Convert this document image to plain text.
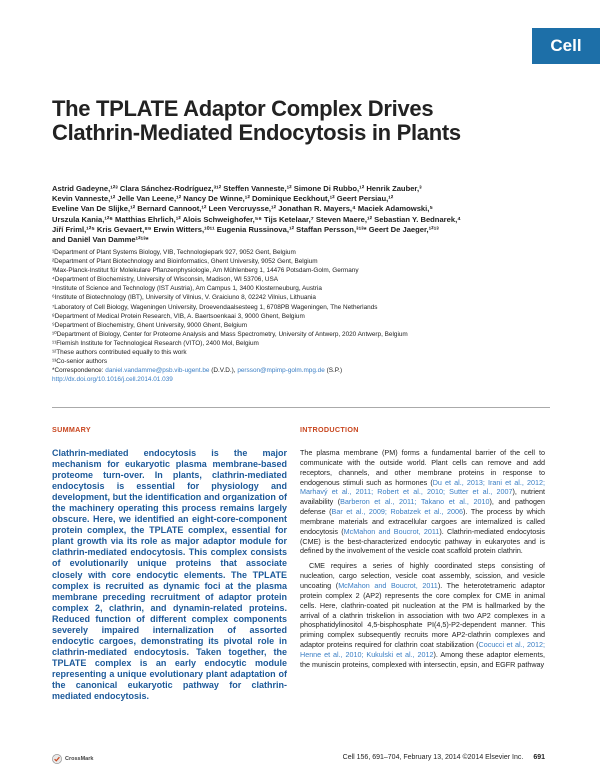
Cell
The TPLATE Adaptor Complex Drives Clathrin-Mediated Endocytosis in Plants
Astrid Gadeyne,¹²³ Clara Sánchez-Rodríguez,³¹² Steffen Vanneste,¹² Simone Di Rubbo,¹² Henrik Zauber,³
Kevin Vanneste,¹² Jelle Van Leene,¹² Nancy De Winne,¹² Dominique Eeckhout,¹² Geert Persiau,¹²
Eveline Van De Slijke,¹² Bernard Cannoot,¹² Leen Vercruysse,¹² Jonathan R. Mayers,⁴ Maciek Adamowski,⁵
Urszula Kania,¹²⁶ Matthias Ehrlich,¹² Alois Schweighofer,⁵⁶ Tijs Ketelaar,⁷ Steven Maere,¹² Sebastian Y. Bednarek,⁴
Jiří Friml,¹²⁵ Kris Gevaert,⁸⁹ Erwin Witters,¹⁰¹¹ Eugenia Russinova,¹² Staffan Persson,³¹³* Geert De Jaeger,¹²¹³
and Daniël Van Damme¹²¹³*
¹Department of Plant Systems Biology, VIB, Technologiepark 927, 9052 Gent, Belgium
²Department of Plant Biotechnology and Bioinformatics, Ghent University, 9052 Gent, Belgium
³Max-Planck-Institut für Molekulare Pflanzenphysiologie, Am Mühlenberg 1, 14476 Potsdam-Golm, Germany
⁴Department of Biochemistry, University of Wisconsin, Madison, WI 53706, USA
⁵Institute of Science and Technology (IST Austria), Am Campus 1, 3400 Klosterneuburg, Austria
⁶Institute of Biotechnology (IBT), University of Vilnius, V. Graiciuno 8, 02242 Vilnius, Lithuania
⁷Laboratory of Cell Biology, Wageningen University, Droevendaalsesteeg 1, 6708PB Wageningen, The Netherlands
⁸Department of Medical Protein Research, VIB, A. Baertsoenkaai 3, 9000 Ghent, Belgium
⁹Department of Biochemistry, Ghent University, 9000 Ghent, Belgium
¹⁰Department of Biology, Center for Proteome Analysis and Mass Spectrometry, University of Antwerp, 2020 Antwerp, Belgium
¹¹Flemish Institute for Technological Research (VITO), 2400 Mol, Belgium
¹²These authors contributed equally to this work
¹³Co-senior authors
*Correspondence: daniel.vandamme@psb.vib-ugent.be (D.V.D.), persson@mpimp-golm.mpg.de (S.P.)
http://dx.doi.org/10.1016/j.cell.2014.01.039
SUMMARY	INTRODUCTION

Clathrin-mediated endocytosis is the major mechanism for eukaryotic plasma membrane-based proteome turn-over. In plants, clathrin-mediated endocytosis is essential for physiology and development, but the identification and organization of the machinery operating this process remains largely obscure. Here, we identified an eight-core-component protein complex, the TPLATE complex, essential for plant growth via its role as major adaptor module for clathrin-mediated endocytosis. This complex consists of evolutionarily unique proteins that associate closely with core endocytic elements. The TPLATE complex is recruited as dynamic foci at the plasma membrane preceding recruitment of adaptor protein complex 2, clathrin, and dynamin-related proteins. Reduced function of different complex components severely impaired internalization of assorted endocytic cargoes, demonstrating its pivotal role in clathrin-mediated endocytosis. Taken together, the TPLATE complex is an early endocytic module representing a unique evolutionary plant adaptation of the canonical eukaryotic pathway for clathrin-mediated endocytosis.

The plasma membrane (PM) forms a fundamental barrier of the cell to communicate with the outside world. Plant cells can remove and add receptors, channels, and other membrane proteins in response to endogenous stimuli such as hormones (Du et al., 2013; Irani et al., 2012; Marhavý et al., 2011; Robert et al., 2010; Sutter et al., 2007), nutrient availability (Barberon et al., 2011; Takano et al., 2010), and pathogen defense (Bar et al., 2009; Robatzek et al., 2006). The process by which membrane materials and extracellular cargoes are internalized is called endocytosis (McMahon and Boucrot, 2011). Clathrin-mediated endocytosis (CME) is the best-characterized endocytic pathway in eukaryotes and is defined by the involvement of the vesicle coat scaffold protein clathrin.

CME requires a series of highly coordinated steps consisting of nucleation, cargo selection, vesicle coat assembly, scission, and vesicle uncoating (McMahon and Boucrot, 2011). The heterotetrameric adaptor protein complex 2 (AP2) represents the core complex for CME in animal cells. Here, clathrin-coated pit nucleation at the PM is hallmarked by the arrival of a clathrin triskelion in association with two AP2 complexes in a phosphatidylinositol 4,5-bisphosphate PI(4,5)-P2-dependent manner. This priming complex subsequently recruits more AP2-clathrin complexes and adaptor proteins required for clathrin coat stabilization (Cocucci et al., 2012; Henne et al., 2010; Kukulski et al., 2012). Among these adaptor elements, the muniscin proteins, complexed with intersectin, epsin, and EGFR pathway

CrossMark	Cell 156, 691–704, February 13, 2014 ©2014 Elsevier Inc. 691
